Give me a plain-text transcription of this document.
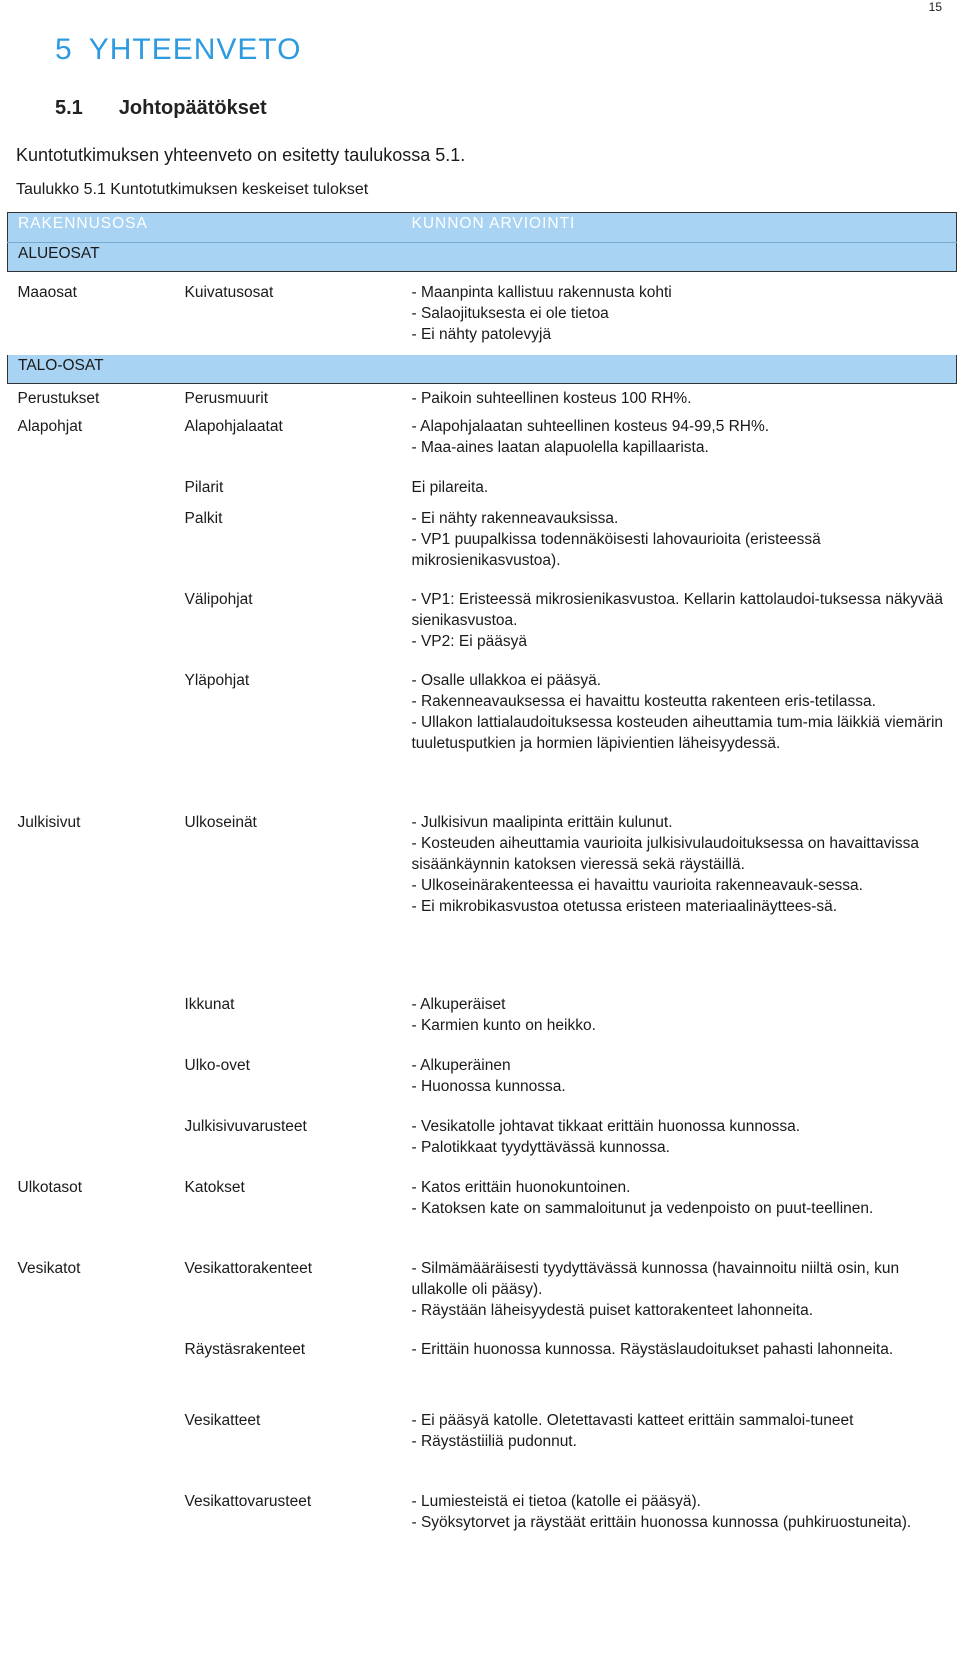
15
5 YHTEENVETO
5.1 Johtopäätökset
Kuntotutkimuksen yhteenveto on esitetty taulukossa 5.1.
Taulukko 5.1 Kuntotutkimuksen keskeiset tulokset
RAKENNUSOSA		KUNNON ARVIOINTI
ALUEOSAT		
Maaosat	Kuivatusosat	- Maanpinta kallistuu rakennusta kohti
- Salaojituksesta ei ole tietoa
- Ei nähty patolevyjä
TALO-OSAT		
Perustukset	Perusmuurit	- Paikoin suhteellinen kosteus 100 RH%.
Alapohjat	Alapohjalaatat	- Alapohjalaatan suhteellinen kosteus 94-99,5 RH%.
- Maa-aines laatan alapuolella kapillaarista.
	Pilarit	Ei pilareita.
	Palkit	- Ei nähty rakenneavauksissa.
- VP1 puupalkissa todennäköisesti lahovaurioita (eristeessä mikrosienikasvustoa).
	Välipohjat	- VP1: Eristeessä mikrosienikasvustoa. Kellarin kattolaudoi-tuksessa näkyvää sienikasvustoa.
- VP2: Ei pääsyä
	Yläpohjat	- Osalle ullakkoa ei pääsyä.
- Rakenneavauksessa ei havaittu kosteutta rakenteen eris-tetilassa.
- Ullakon lattialaudoituksessa kosteuden aiheuttamia tum-mia läikkiä viemärin tuuletusputkien ja hormien läpivientien läheisyydessä.
Julkisivut	Ulkoseinät	- Julkisivun maalipinta erittäin kulunut.
- Kosteuden aiheuttamia vaurioita julkisivulaudoituksessa on havaittavissa sisäänkäynnin katoksen vieressä sekä räystäillä.
- Ulkoseinärakenteessa ei havaittu vaurioita rakenneavauk-sessa.
- Ei mikrobikasvustoa otetussa eristeen materiaalinäyttees-sä.
	Ikkunat	- Alkuperäiset
- Karmien kunto on heikko.
	Ulko-ovet	- Alkuperäinen
- Huonossa kunnossa.
	Julkisivuvarusteet	- Vesikatolle johtavat tikkaat erittäin huonossa kunnossa.
- Palotikkaat tyydyttävässä kunnossa.
Ulkotasot	Katokset	- Katos erittäin huonokuntoinen.
- Katoksen kate on sammaloitunut ja vedenpoisto on puut-teellinen.
Vesikatot	Vesikattorakenteet	- Silmämääräisesti tyydyttävässä kunnossa (havainnoitu niiltä osin, kun ullakolle oli pääsy).
- Räystään läheisyydestä puiset kattorakenteet lahonneita.
	Räystäsrakenteet	- Erittäin huonossa kunnossa. Räystäslaudoitukset pahasti lahonneita.
	Vesikatteet	- Ei pääsyä katolle. Oletettavasti katteet erittäin sammaloi-tuneet
- Räystästiiliä pudonnut.
	Vesikattovarusteet	- Lumiesteistä ei tietoa (katolle ei pääsyä).
- Syöksytorvet ja räystäät erittäin huonossa kunnossa (puhkiruostuneita).
